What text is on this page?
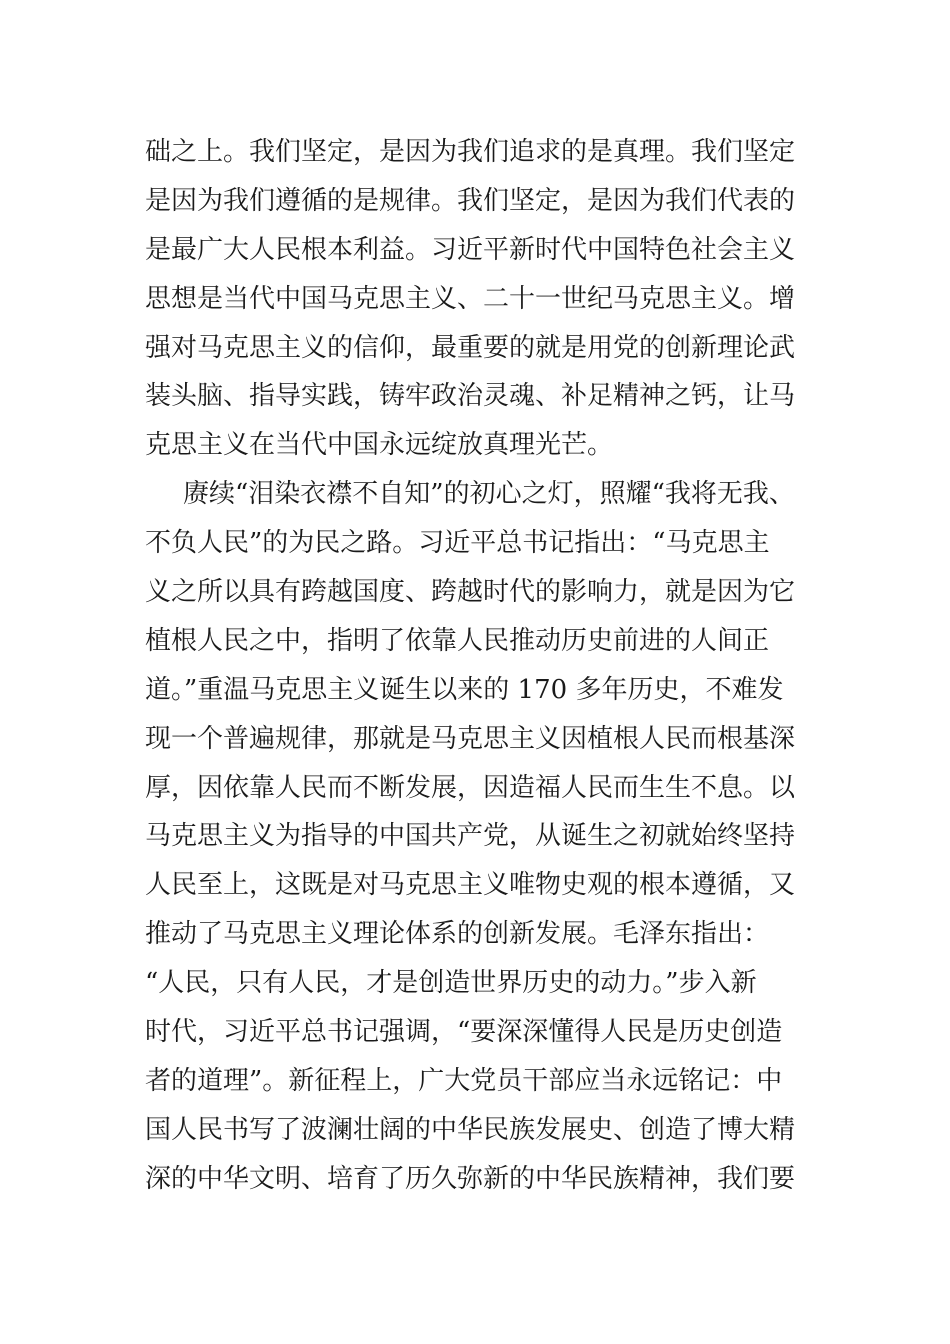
础之上。我们坚定，是因为我们追求的是真理。我们坚定
是因为我们遵循的是规律。我们坚定，是因为我们代表的
是最广大人民根本利益。习近平新时代中国特色社会主义
思想是当代中国马克思主义、二十一世纪马克思主义。增
强对马克思主义的信仰，最重要的就是用党的创新理论武
装头脑、指导实践，铸牢政治灵魂、补足精神之钙，让马
克思主义在当代中国永远绽放真理光芒。
赓续“泪染衣襟不自知”的初心之灯，照耀“我将无我、
不负人民”的为民之路。习近平总书记指出：“马克思主
义之所以具有跨越国度、跨越时代的影响力，就是因为它
植根人民之中，指明了依靠人民推动历史前进的人间正
道。”重温马克思主义诞生以来的 170 多年历史，不难发
现一个普遍规律，那就是马克思主义因植根人民而根基深
厚，因依靠人民而不断发展，因造福人民而生生不息。以
马克思主义为指导的中国共产党，从诞生之初就始终坚持
人民至上，这既是对马克思主义唯物史观的根本遵循，又
推动了马克思主义理论体系的创新发展。毛泽东指出：
“人民，只有人民，才是创造世界历史的动力。”步入新
时代，习近平总书记强调，“要深深懂得人民是历史创造
者的道理”。新征程上，广大党员干部应当永远铭记：中
国人民书写了波澜壮阔的中华民族发展史、创造了博大精
深的中华文明、培育了历久弥新的中华民族精神，我们要
